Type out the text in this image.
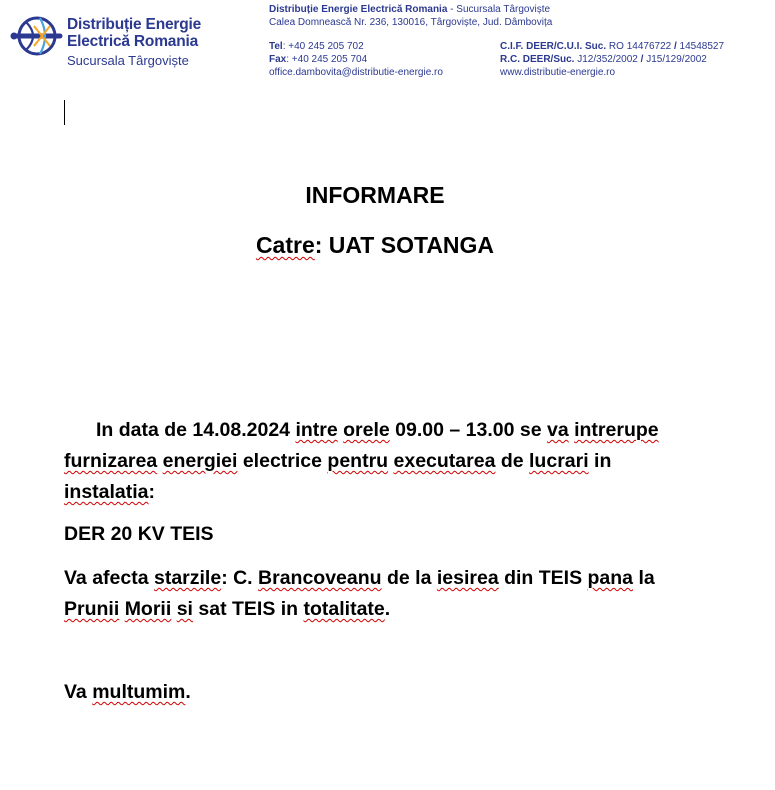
Distribuție Energie
Electrică Romania
Sucursala Târgoviște
Distribuție Energie Electrică Romania - Sucursala Târgoviște
Calea Domnească Nr. 236, 130016, Târgoviște, Jud. Dâmbovița
Tel: +40 245 205 702
Fax: +40 245 205 704
office.dambovita@distributie-energie.ro
C.I.F. DEER/C.U.I. Suc. RO 14476722 / 14548527
R.C. DEER/Suc. J12/352/2002 / J15/129/2002
www.distributie-energie.ro
INFORMARE
Catre: UAT SOTANGA
In data de 14.08.2024 intre orele 09.00 – 13.00 se va intrerupe furnizarea energiei electrice pentru executarea de lucrari in instalatia:
DER 20 KV TEIS
Va afecta starzile: C. Brancoveanu de la iesirea din TEIS pana la Prunii Morii si sat TEIS in totalitate.
Va multumim.
